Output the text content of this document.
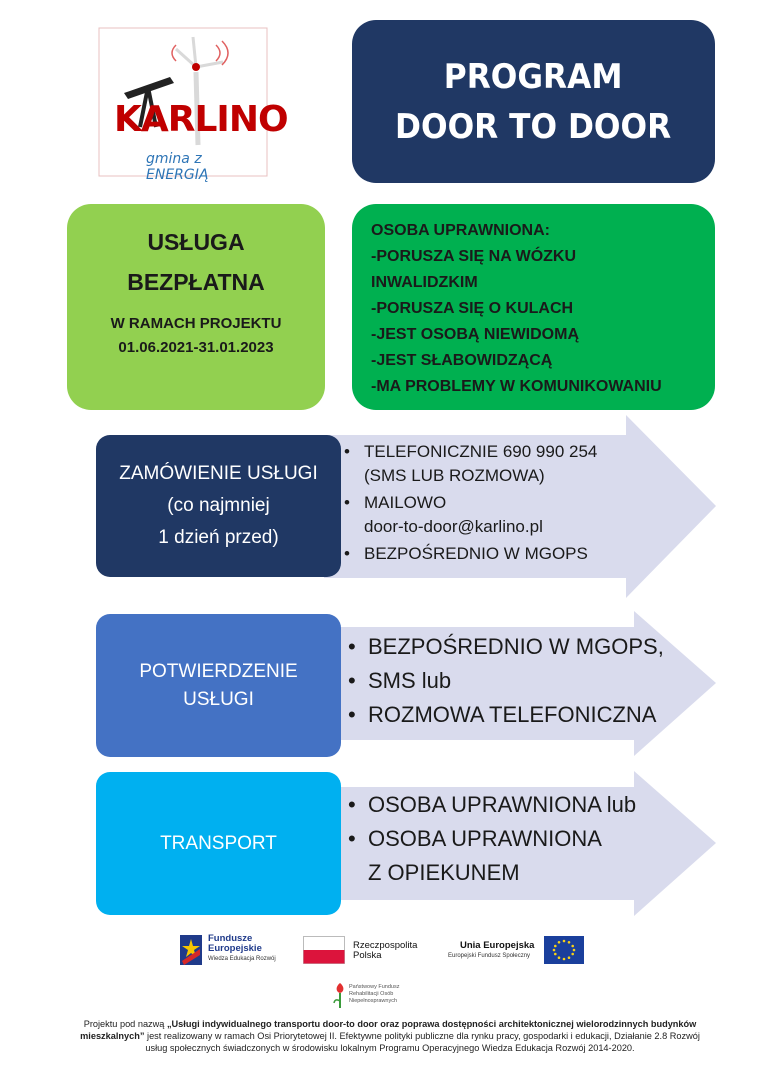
KARLINO
gmina z ENERGIĄ
PROGRAM
DOOR TO DOOR
USŁUGA
BEZPŁATNA
W RAMACH PROJEKTU
01.06.2021-31.01.2023
OSOBA UPRAWNIONA:
-PORUSZA SIĘ NA WÓZKU
INWALIDZKIM
-PORUSZA SIĘ O KULACH
-JEST OSOBĄ NIEWIDOMĄ
-JEST SŁABOWIDZĄCĄ
-MA PROBLEMY W KOMUNIKOWANIU
ZAMÓWIENIE USŁUGI
(co najmniej
1 dzień przed)
• TELEFONICZNIE 690 990 254
(SMS LUB ROZMOWA)
• MAILOWO
door-to-door@karlino.pl
• BEZPOŚREDNIO W MGOPS
POTWIERDZENIE
USŁUGI
• BEZPOŚREDNIO W MGOPS,
• SMS lub
• ROZMOWA TELEFONICZNA
TRANSPORT
• OSOBA UPRAWNIONA lub
• OSOBA UPRAWNIONA
Z OPIEKUNEM
Fundusze
Europejskie
Wiedza Edukacja Rozwój
Rzeczpospolita
Polska
Unia Europejska
Europejski Fundusz Społeczny
Państwowy Fundusz
Rehabilitacji Osób
Niepełnosprawnych
Projektu pod nazwą „Usługi indywidualnego transportu door-to door oraz poprawa dostępności architektonicznej wielorodzinnych budynków mieszkalnych” jest realizowany w ramach Osi Priorytetowej II. Efektywne polityki publiczne dla rynku pracy, gospodarki i edukacji, Działanie 2.8 Rozwój usług społecznych świadczonych w środowisku lokalnym Programu Operacyjnego Wiedza Edukacja Rozwój 2014-2020.
